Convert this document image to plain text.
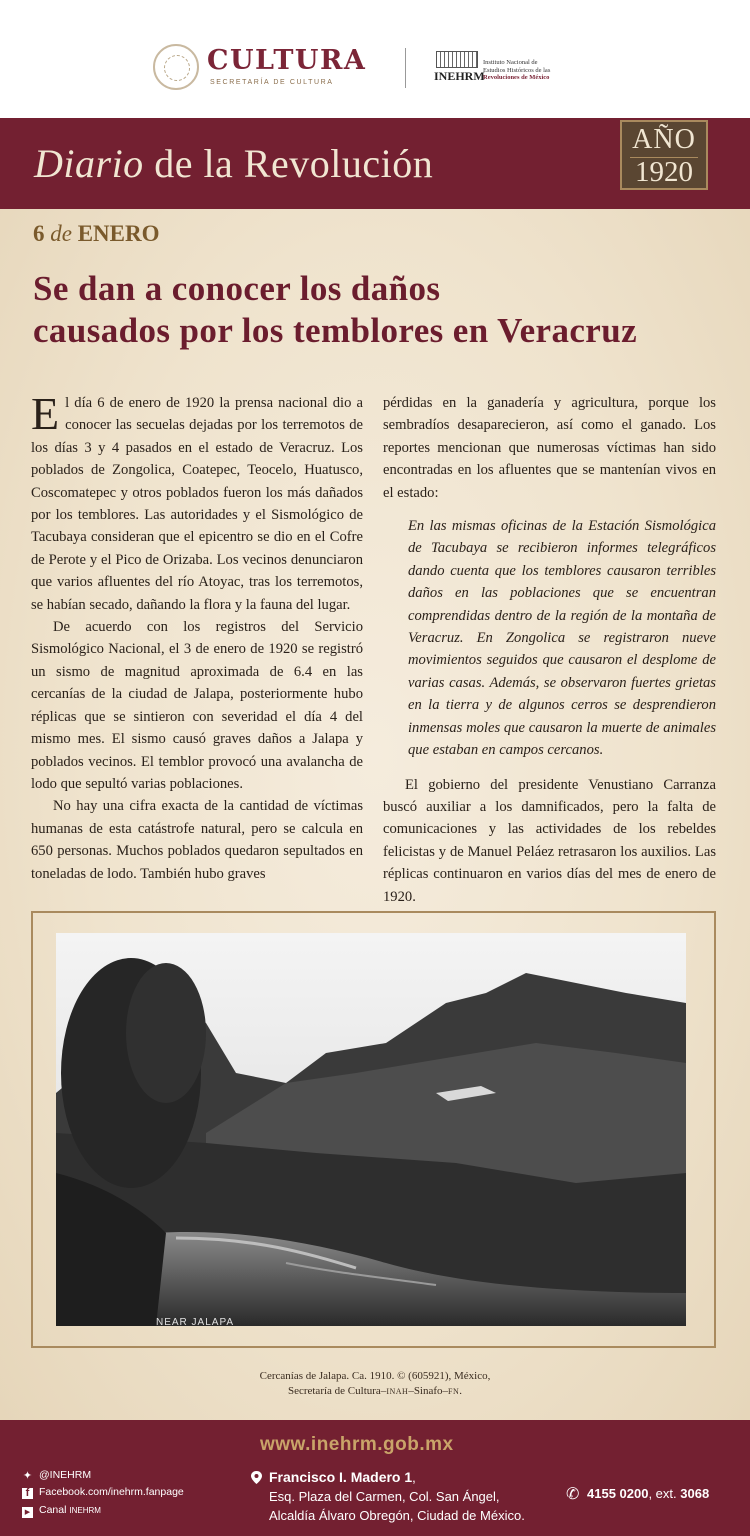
CULTURA
SECRETARÍA DE CULTURA	INEHRM
Instituto Nacional de
Estudios Históricos de las
Revoluciones de México
Diario de la Revolución
AÑO
1920
6 de ENERO
Se dan a conocer los daños
causados por los temblores en Veracruz

El día 6 de enero de 1920 la prensa nacional dio a conocer las secuelas dejadas por los terremotos de los días 3 y 4 pasados en el estado de Veracruz. Los poblados de Zongolica, Coatepec, Teocelo, Huatusco, Coscomatepec y otros poblados fueron los más dañados por los temblores. Las autoridades y el Sismológico de Tacubaya consideran que el epicentro se dio en el Cofre de Perote y el Pico de Orizaba. Los vecinos denunciaron que varios afluentes del río Atoyac, tras los terremotos, se habían secado, dañando la flora y la fauna del lugar.

De acuerdo con los registros del Servicio Sismológico Nacional, el 3 de enero de 1920 se registró un sismo de magnitud aproximada de 6.4 en las cercanías de la ciudad de Jalapa, posteriormente hubo réplicas que se sintieron con severidad el día 4 del mismo mes. El sismo causó graves daños a Jalapa y poblados vecinos. El temblor provocó una avalancha de lodo que sepultó varias poblaciones.

No hay una cifra exacta de la cantidad de víctimas humanas de esta catástrofe natural, pero se calcula en 650 personas. Muchos poblados quedaron sepultados en toneladas de lodo. También hubo graves

pérdidas en la ganadería y agricultura, porque los sembradíos desaparecieron, así como el ganado. Los reportes mencionan que numerosas víctimas han sido encontradas en los afluentes que se mantenían vivos en el estado:

En las mismas oficinas de la Estación Sismológica de Tacubaya se recibieron informes telegráficos dando cuenta que los temblores causaron terribles daños en las poblaciones que se encuentran comprendidas dentro de la región de la montaña de Veracruz. En Zongolica se registraron nueve movimientos seguidos que causaron el desplome de varias casas. Además, se observaron fuertes grietas en la tierra y de algunos cerros se desprendieron inmensas moles que causaron la muerte de animales que estaban en campos cercanos.

El gobierno del presidente Venustiano Carranza buscó auxiliar a los damnificados, pero la falta de comunicaciones y las actividades de los rebeldes felicistas y de Manuel Peláez retrasaron los auxilios. Las réplicas continuaron en varios días del mes de enero de 1920.

NEAR JALAPA
Cercanías de Jalapa. Ca. 1910. © (605921), México,
Secretaría de Cultura–INAH–Sinafo–FN.
www.inehrm.gob.mx
✦ @INEHRM
f Facebook.com/inehrm.fanpage
▶ Canal INEHRM
Francisco I. Madero 1,
Esq. Plaza del Carmen, Col. San Ángel,
Alcaldía Álvaro Obregón, Ciudad de México.
✆ 4155 0200, ext. 3068
